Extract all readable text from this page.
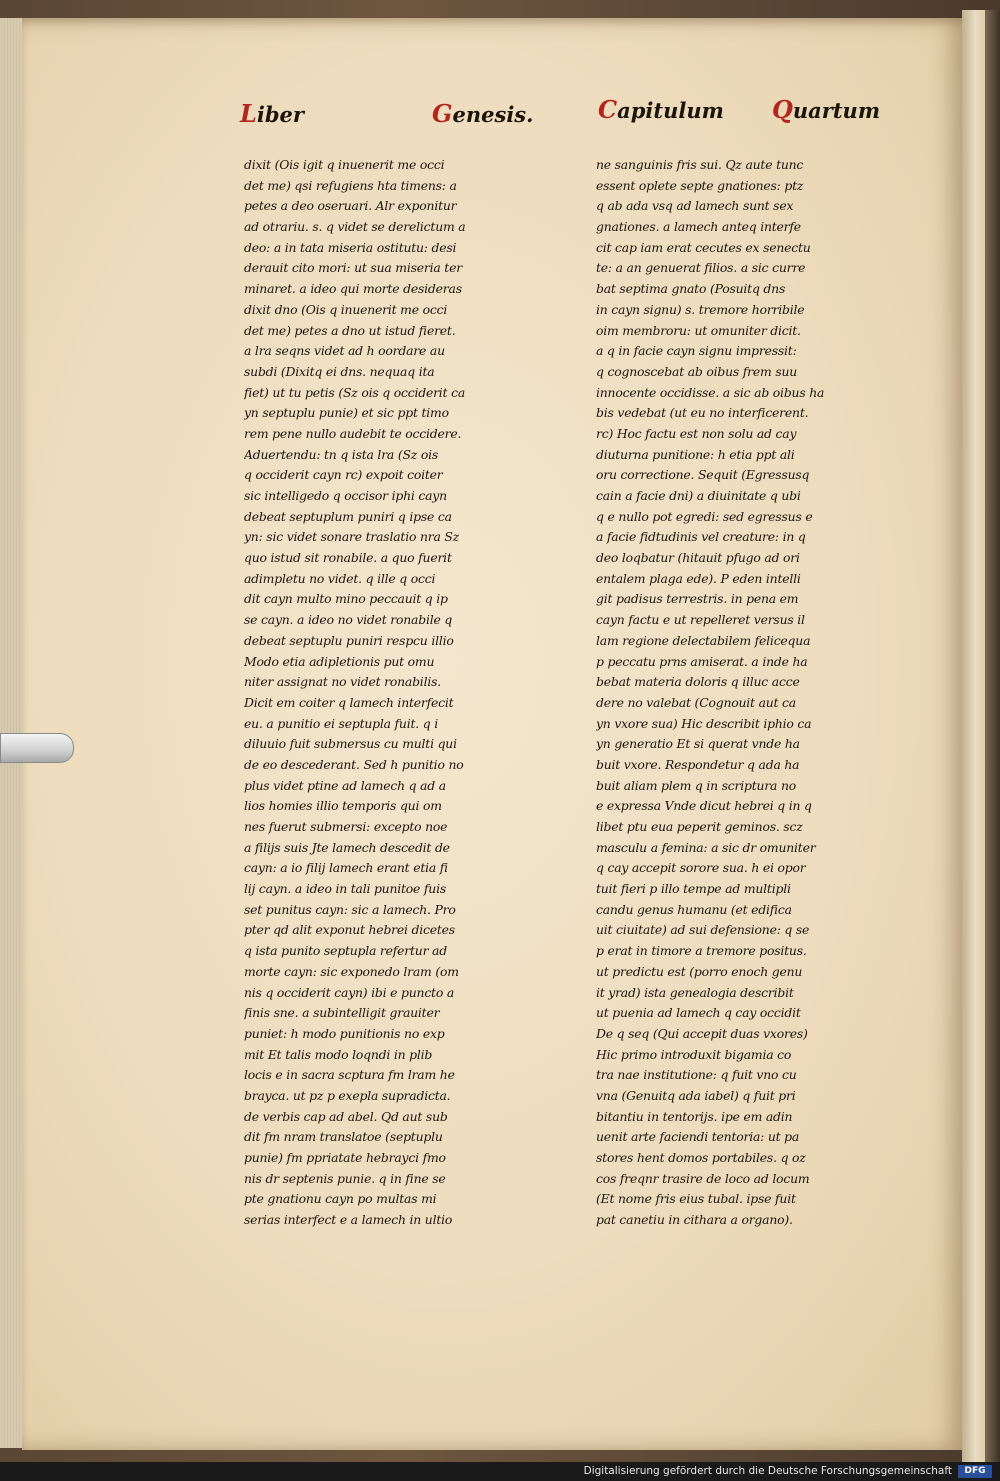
Liber	Genesis.	Capitulum Quartum
dixit (Ois igit q inuenerit me occi
det me) qsi refugiens hta timens: a
petes a deo oseruari. Alr exponitur
ad otrariu. s. q videt se derelictum a
deo: a in tata miseria ostitutu: desi
derauit cito mori: ut sua miseria ter
minaret. a ideo qui morte desideras
dixit dno (Ois q inuenerit me occi
det me) petes a dno ut istud fieret.
a lra seqns videt ad h oordare au
subdi (Dixitq ei dns. nequaq ita
fiet) ut tu petis (Sz ois q occiderit ca
yn septuplu punie) et sic ppt timo
rem pene nullo audebit te occidere.
Aduertendu: tn q ista lra (Sz ois
q occiderit cayn rc) expoit coiter
sic intelligedo q occisor iphi cayn
debeat septuplum puniri q ipse ca
yn: sic videt sonare traslatio nra Sz
quo istud sit ronabile. a quo fuerit
adimpletu no videt. q ille q occi
dit cayn multo mino peccauit q ip
se cayn. a ideo no videt ronabile q
debeat septuplu puniri respcu illio
Modo etia adipletionis put omu
niter assignat no videt ronabilis.
Dicit em coiter q lamech interfecit
eu. a punitio ei septupla fuit. q i
diluuio fuit submersus cu multi qui
de eo descederant. Sed h punitio no
plus videt ptine ad lamech q ad a
lios homies illio temporis qui om
nes fuerut submersi: excepto noe
a filijs suis Jte lamech descedit de
cayn: a io filij lamech erant etia fi
lij cayn. a ideo in tali punitoe fuis
set punitus cayn: sic a lamech. Pro
pter qd alit exponut hebrei dicetes
q ista punito septupla refertur ad
morte cayn: sic exponedo lram (om
nis q occiderit cayn) ibi e puncto a
finis sne. a subintelligit grauiter
puniet: h modo punitionis no exp
mit Et talis modo loqndi in plib
locis e in sacra scptura fm lram he
brayca. ut pz p exepla supradicta.
de verbis cap ad abel. Qd aut sub
dit fm nram translatoe (septuplu
punie) fm ppriatate hebrayci fmo
nis dr septenis punie. q in fine se
pte gnationu cayn po multas mi
serias interfect e a lamech in ultio
ne sanguinis fris sui. Qz aute tunc
essent oplete septe gnationes: ptz
q ab ada vsq ad lamech sunt sex
gnationes. a lamech anteq interfe
cit cap iam erat cecutes ex senectu
te: a an genuerat filios. a sic curre
bat septima gnato (Posuitq dns
in cayn signu) s. tremore horribile
oim membroru: ut omuniter dicit.
a q in facie cayn signu impressit:
q cognoscebat ab oibus frem suu
innocente occidisse. a sic ab oibus ha
bis vedebat (ut eu no interficerent.
rc) Hoc factu est non solu ad cay
diuturna punitione: h etia ppt ali
oru correctione. Sequit (Egressusq
cain a facie dni) a diuinitate q ubi
q e nullo pot egredi: sed egressus e
a facie fidtudinis vel creature: in q
deo loqbatur (hitauit pfugo ad ori
entalem plaga ede). P eden intelli
git padisus terrestris. in pena em
cayn factu e ut repelleret versus il
lam regione delectabilem felicequa
p peccatu prns amiserat. a inde ha
bebat materia doloris q illuc acce
dere no valebat (Cognouit aut ca
yn vxore sua) Hic describit iphio ca
yn generatio Et si querat vnde ha
buit vxore. Respondetur q ada ha
buit aliam plem q in scriptura no
e expressa Vnde dicut hebrei q in q
libet ptu eua peperit geminos. scz
masculu a femina: a sic dr omuniter
q cay accepit sorore sua. h ei opor
tuit fieri p illo tempe ad multipli
candu genus humanu (et edifica
uit ciuitate) ad sui defensione: q se
p erat in timore a tremore positus.
ut predictu est (porro enoch genu
it yrad) ista genealogia describit
ut puenia ad lamech q cay occidit
De q seq (Qui accepit duas vxores)
Hic primo introduxit bigamia co
tra nae institutione: q fuit vno cu
vna (Genuitq ada iabel) q fuit pri
bitantiu in tentorijs. ipe em adin
uenit arte faciendi tentoria: ut pa
stores hent domos portabiles. q oz
cos freqnr trasire de loco ad locum
(Et nome fris eius tubal. ipse fuit
pat canetiu in cithara a organo).
Digitalisierung gefördert durch die Deutsche Forschungsgemeinschaft	DFG
